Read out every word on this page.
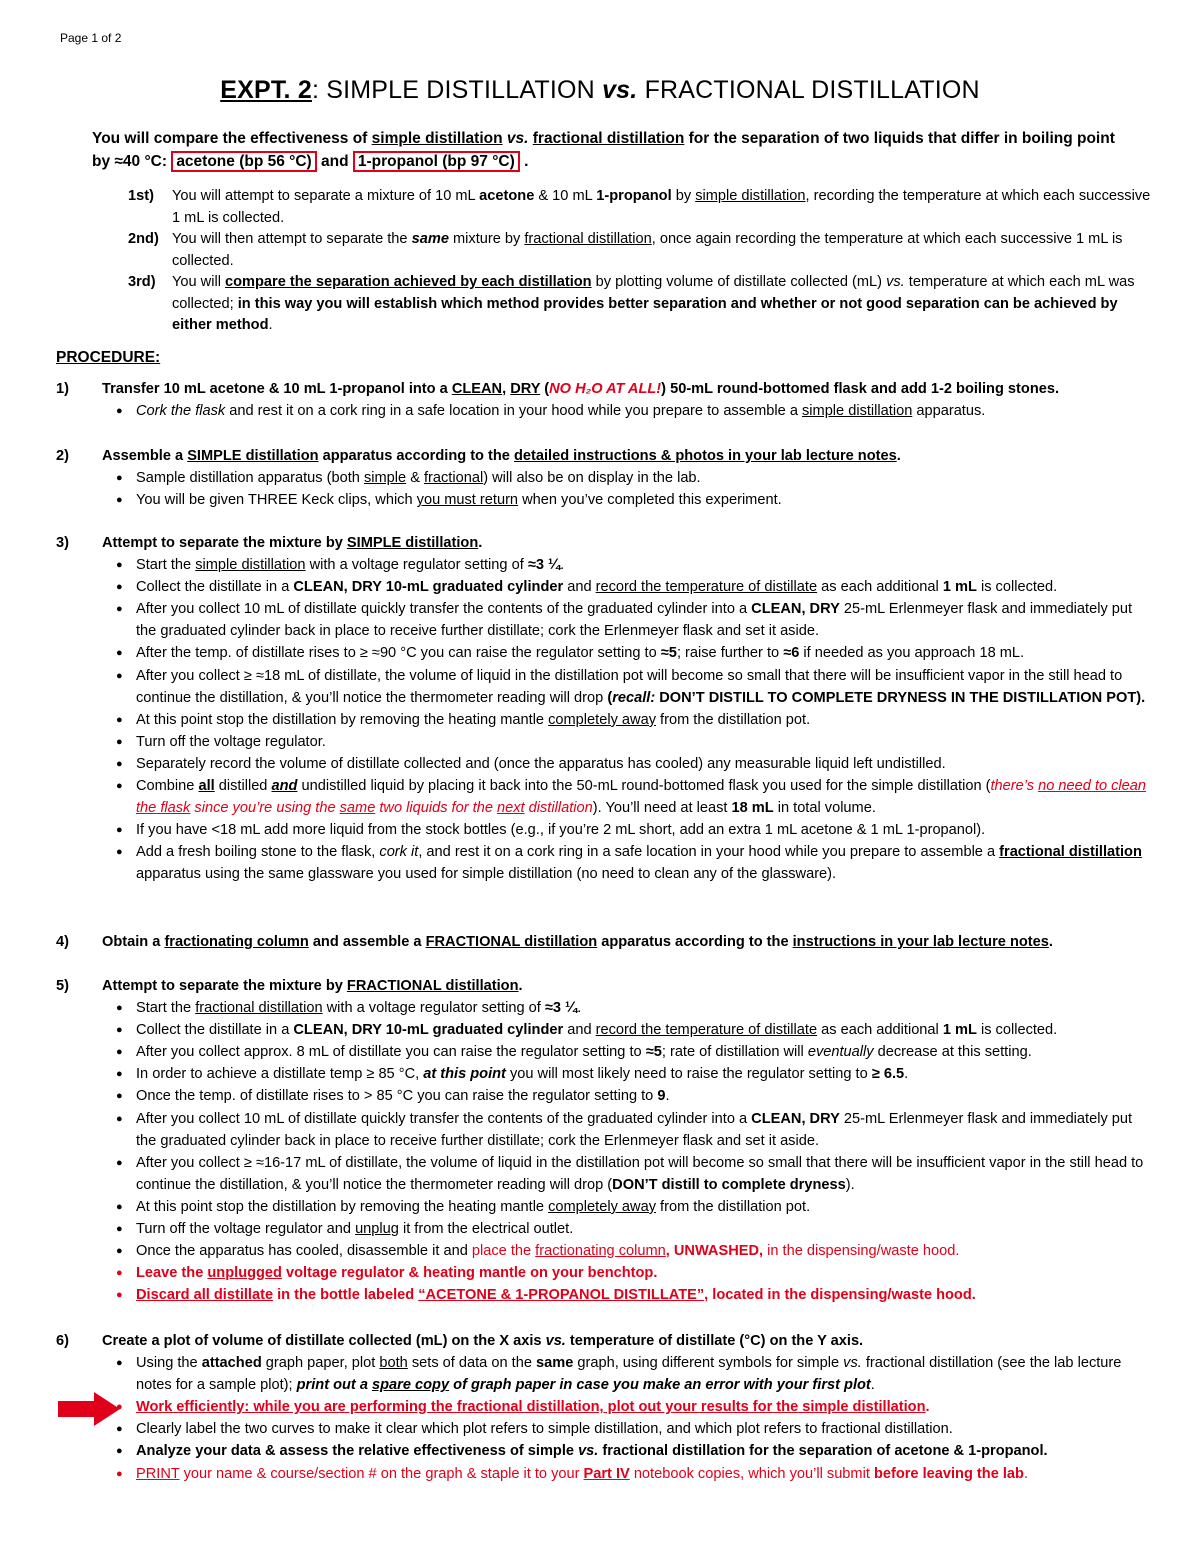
Page 1 of 2
EXPT. 2: SIMPLE DISTILLATION vs. FRACTIONAL DISTILLATION
You will compare the effectiveness of simple distillation vs. fractional distillation for the separation of two liquids that differ in boiling point by ≈40 °C: acetone (bp 56 °C) and 1-propanol (bp 97 °C) .
1st)	You will attempt to separate a mixture of 10 mL acetone & 10 mL 1-propanol by simple distillation, recording the temperature at which each successive 1 mL is collected.
2nd) You will then attempt to separate the same mixture by fractional distillation, once again recording the temperature at which each successive 1 mL is collected.
3rd)	You will compare the separation achieved by each distillation by plotting volume of distillate collected (mL) vs. temperature at which each mL was collected; in this way you will establish which method provides better separation and whether or not good separation can be achieved by either method.
PROCEDURE:
1)	Transfer 10 mL acetone & 10 mL 1-propanol into a CLEAN, DRY (NO H₂O AT ALL!) 50-mL round-bottomed flask and add 1-2 boiling stones.
● Cork the flask and rest it on a cork ring in a safe location in your hood while you prepare to assemble a simple distillation apparatus.
2)	Assemble a SIMPLE distillation apparatus according to the detailed instructions & photos in your lab lecture notes.
● Sample distillation apparatus (both simple & fractional) will also be on display in the lab.
● You will be given THREE Keck clips, which you must return when you’ve completed this experiment.
3)	Attempt to separate the mixture by SIMPLE distillation.
● Start the simple distillation with a voltage regulator setting of ≈3 ¼.
● Collect the distillate in a CLEAN, DRY 10-mL graduated cylinder and record the temperature of distillate as each additional 1 mL is collected.
● After you collect 10 mL of distillate quickly transfer the contents of the graduated cylinder into a CLEAN, DRY 25-mL Erlenmeyer flask and immediately put the graduated cylinder back in place to receive further distillate; cork the Erlenmeyer flask and set it aside.
● After the temp. of distillate rises to ≥ ≈90 °C you can raise the regulator setting to ≈5; raise further to ≈6 if needed as you approach 18 mL.
● After you collect ≥ ≈18 mL of distillate, the volume of liquid in the distillation pot will become so small that there will be insufficient vapor in the still head to continue the distillation, & you’ll notice the thermometer reading will drop (recall: DON’T DISTILL TO COMPLETE DRYNESS IN THE DISTILLATION POT).
● At this point stop the distillation by removing the heating mantle completely away from the distillation pot.
● Turn off the voltage regulator.
● Separately record the volume of distillate collected and (once the apparatus has cooled) any measurable liquid left undistilled.
● Combine all distilled and undistilled liquid by placing it back into the 50-mL round-bottomed flask you used for the simple distillation (there’s no need to clean the flask since you’re using the same two liquids for the next distillation). You’ll need at least 18 mL in total volume.
● If you have <18 mL add more liquid from the stock bottles (e.g., if you’re 2 mL short, add an extra 1 mL acetone & 1 mL 1-propanol).
● Add a fresh boiling stone to the flask, cork it, and rest it on a cork ring in a safe location in your hood while you prepare to assemble a fractional distillation apparatus using the same glassware you used for simple distillation (no need to clean any of the glassware).
4)	Obtain a fractionating column and assemble a FRACTIONAL distillation apparatus according to the instructions in your lab lecture notes.
5)	Attempt to separate the mixture by FRACTIONAL distillation.
● Start the fractional distillation with a voltage regulator setting of ≈3 ¼.
● Collect the distillate in a CLEAN, DRY 10-mL graduated cylinder and record the temperature of distillate as each additional 1 mL is collected.
● After you collect approx. 8 mL of distillate you can raise the regulator setting to ≈5; rate of distillation will eventually decrease at this setting.
● In order to achieve a distillate temp ≥ 85 °C, at this point you will most likely need to raise the regulator setting to ≥ 6.5.
● Once the temp. of distillate rises to > 85 °C you can raise the regulator setting to 9.
● After you collect 10 mL of distillate quickly transfer the contents of the graduated cylinder into a CLEAN, DRY 25-mL Erlenmeyer flask and immediately put the graduated cylinder back in place to receive further distillate; cork the Erlenmeyer flask and set it aside.
● After you collect ≥ ≈16-17 mL of distillate, the volume of liquid in the distillation pot will become so small that there will be insufficient vapor in the still head to continue the distillation, & you’ll notice the thermometer reading will drop (DON’T distill to complete dryness).
● At this point stop the distillation by removing the heating mantle completely away from the distillation pot.
● Turn off the voltage regulator and unplug it from the electrical outlet.
● Once the apparatus has cooled, disassemble it and place the fractionating column, UNWASHED, in the dispensing/waste hood.
● Leave the unplugged voltage regulator & heating mantle on your benchtop.
● Discard all distillate in the bottle labeled “ACETONE & 1-PROPANOL DISTILLATE”, located in the dispensing/waste hood.
6)	Create a plot of volume of distillate collected (mL) on the X axis vs. temperature of distillate (°C) on the Y axis.
● Using the attached graph paper, plot both sets of data on the same graph, using different symbols for simple vs. fractional distillation (see the lab lecture notes for a sample plot); print out a spare copy of graph paper in case you make an error with your first plot.
● Work efficiently: while you are performing the fractional distillation, plot out your results for the simple distillation.
● Clearly label the two curves to make it clear which plot refers to simple distillation, and which plot refers to fractional distillation.
● Analyze your data & assess the relative effectiveness of simple vs. fractional distillation for the separation of acetone & 1-propanol.
● PRINT your name & course/section # on the graph & staple it to your Part IV notebook copies, which you’ll submit before leaving the lab.
